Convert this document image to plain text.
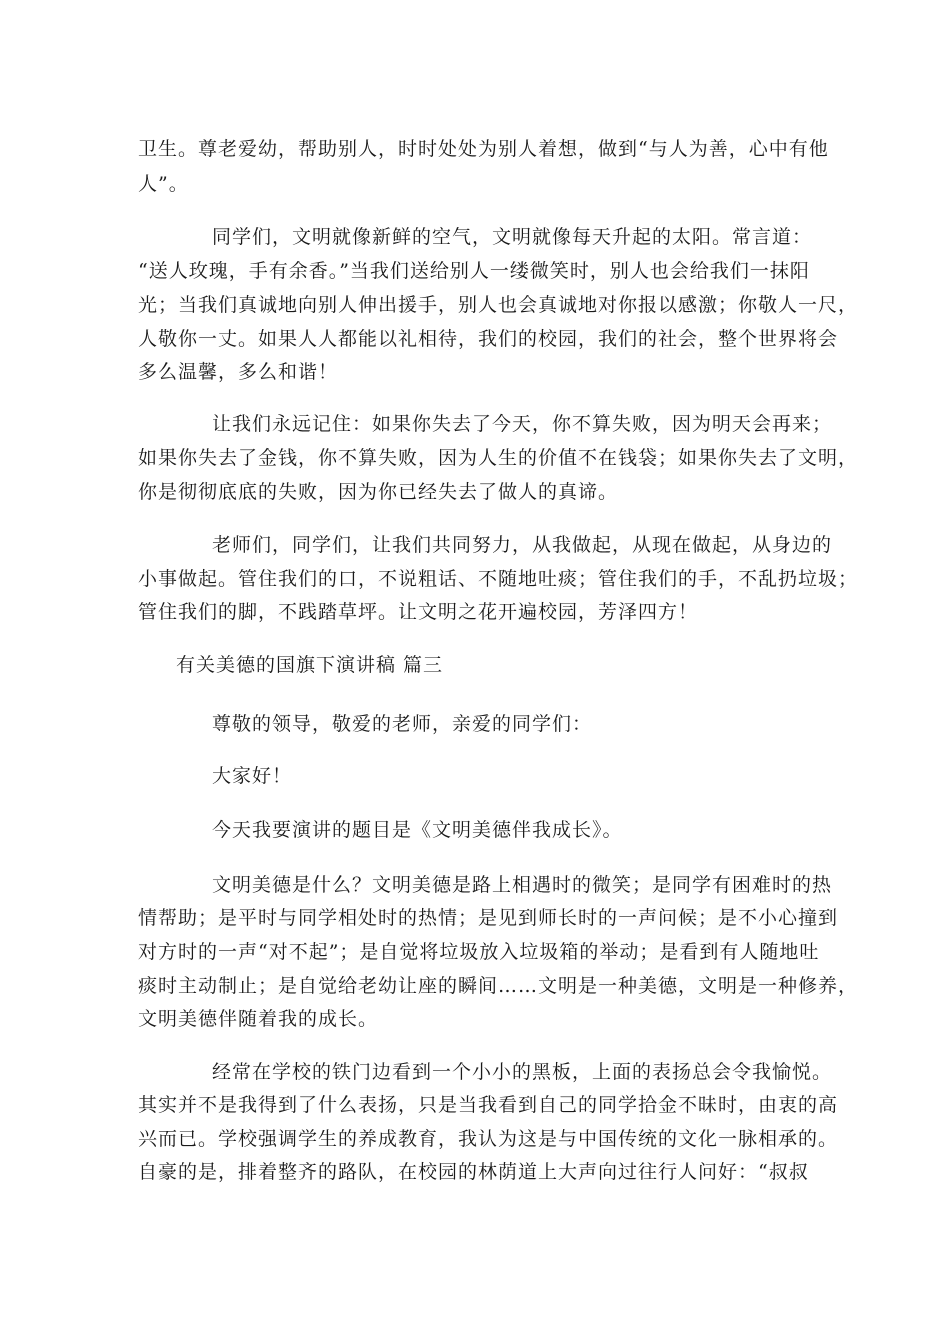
卫生。尊老爱幼，帮助别人，时时处处为别人着想，做到“与人为善，心中有他
人”。
同学们，文明就像新鲜的空气，文明就像每天升起的太阳。常言道：
“送人玫瑰，手有余香。”当我们送给别人一缕微笑时，别人也会给我们一抹阳
光；当我们真诚地向别人伸出援手，别人也会真诚地对你报以感激；你敬人一尺，
人敬你一丈。如果人人都能以礼相待，我们的校园，我们的社会，整个世界将会
多么温馨，多么和谐！
让我们永远记住：如果你失去了今天，你不算失败，因为明天会再来；
如果你失去了金钱，你不算失败，因为人生的价值不在钱袋；如果你失去了文明，
你是彻彻底底的失败，因为你已经失去了做人的真谛。
老师们，同学们，让我们共同努力，从我做起，从现在做起，从身边的
小事做起。管住我们的口，不说粗话、不随地吐痰；管住我们的手，不乱扔垃圾；
管住我们的脚，不践踏草坪。让文明之花开遍校园，芳泽四方！
有关美德的国旗下演讲稿 篇三
尊敬的领导，敬爱的老师，亲爱的同学们：
大家好！
今天我要演讲的题目是《文明美德伴我成长》。
文明美德是什么？文明美德是路上相遇时的微笑；是同学有困难时的热
情帮助；是平时与同学相处时的热情；是见到师长时的一声问候；是不小心撞到
对方时的一声“对不起”；是自觉将垃圾放入垃圾箱的举动；是看到有人随地吐
痰时主动制止；是自觉给老幼让座的瞬间……文明是一种美德，文明是一种修养，
文明美德伴随着我的成长。
经常在学校的铁门边看到一个小小的黑板，上面的表扬总会令我愉悦。
其实并不是我得到了什么表扬，只是当我看到自己的同学拾金不昧时，由衷的高
兴而已。学校强调学生的养成教育，我认为这是与中国传统的文化一脉相承的。
自豪的是，排着整齐的路队，在校园的林荫道上大声向过往行人问好：“叔叔
